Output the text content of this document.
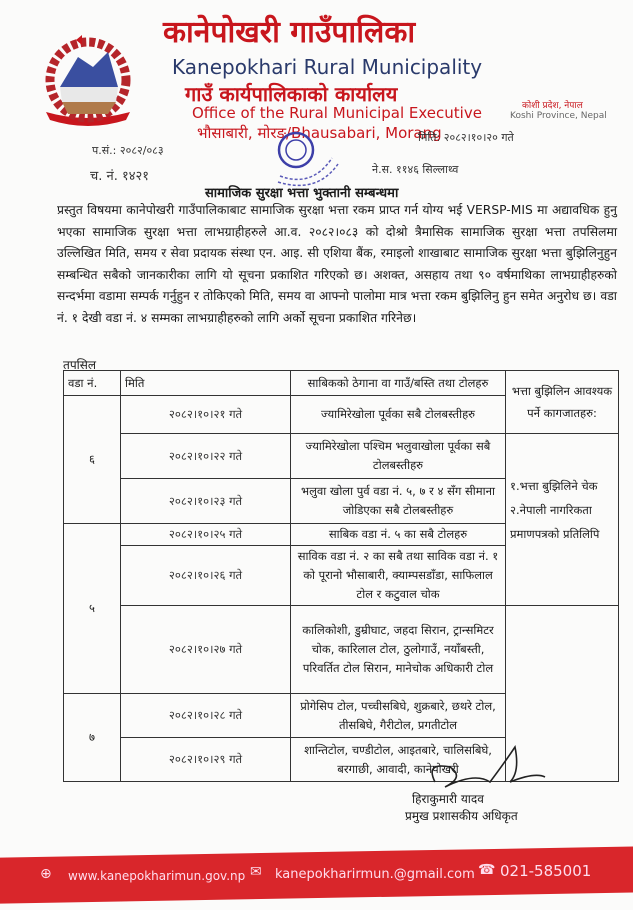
कानेपोखरी गाउँपालिका
Kanepokhari Rural Municipality
गाउँ कार्यपालिकाको कार्यालय
Office of the Rural Municipal Executive
भौसाबारी, मोरङ/Bhausabari, Morang
कोशी प्रदेश, नेपाल
Koshi Province, Nepal
प.सं.: २०८२/०८३
च. नं. १४२१
मिति: २०८२।१०।२० गते
ने.स. ११४६ सिल्लाथ्व
सामाजिक सुरक्षा भत्ता भुक्तानी सम्बन्धमा
प्रस्तुत विषयमा कानेपोखरी गाउँपालिकाबाट सामाजिक सुरक्षा भत्ता रकम प्राप्त गर्न योग्य भई VERSP-MIS मा अद्यावधिक हुनु भएका सामाजिक सुरक्षा भत्ता लाभग्राहीहरुले आ.व. २०८२।०८३ को दोश्रो त्रैमासिक सामाजिक सुरक्षा भत्ता तपसिलमा उल्लिखित मिति, समय र सेवा प्रदायक संस्था एन. आइ. सी एशिया बैंक, रमाइलो शाखाबाट सामाजिक सुरक्षा भत्ता बुझिलिनुहुन सम्बन्धित सबैको जानकारीका लागि यो सूचना प्रकाशित गरिएको छ। अशक्त, असहाय तथा ९० वर्षमाथिका लाभग्राहीहरुको सन्दर्भमा वडामा सम्पर्क गर्नुहुन र तोकिएको मिति, समय वा आफ्नो पालोमा मात्र भत्ता रकम बुझिलिनु हुन समेत अनुरोध छ। वडा नं. १ देखी वडा नं. ४ सम्मका लाभग्राहीहरुको लागि अर्को सूचना प्रकाशित गरिनेछ।
तपसिल
वडा नं.	मिति	साबिकको ठेगाना वा गाउँ/बस्ति तथा टोलहरु	भत्ता बुझिलिन आवश्यक पर्ने कागजातहरु:
६	२०८२।१०।२१ गते	ज्यामिरेखोला पूर्वका सबै टोलबस्तीहरु	
	२०८२।१०।२२ गते	ज्यामिरेखोला पश्चिम भलुवाखोला पूर्वका सबै टोलबस्तीहरु	१.भत्ता बुझिलिने चेक
२.नेपाली नागरिकता प्रमाणपत्रको प्रतिलिपि

	२०८२।१०।२३ गते	भलुवा खोला पुर्व वडा नं. ५, ७ र ४ सँग सीमाना जोडिएका सबै टोलबस्तीहरु	
५	२०८२।१०।२५ गते	साबिक वडा नं. ५ का सबै टोलहरु	
	२०८२।१०।२६ गते	साविक वडा नं. २ का सबै तथा साविक वडा नं. १ को पूरानो भौसाबारी, क्याम्पसडाँडा, साफिलाल टोल र कटुवाल चोक	
	२०८२।१०।२७ गते	कालिकोशी, डुम्रीघाट, जहदा सिरान, ट्रान्समिटर चोक, कारिलाल टोल, ठुलोगाउँ, नयाँबस्ती, परिवर्तित टोल सिरान, मानेचोक अधिकारी टोल	
७	२०८२।१०।२८ गते	प्रोगेसिप टोल, पच्चीसबिघे, शुक्रबारे, छथरे टोल, तीसबिघे, गैरीटोल, प्रगतीटोल	
	२०८२।१०।२९ गते	शान्तिटोल, चण्डीटोल, आइतबारे, चालिसबिघे, बरगाछी, आवादी, कानेपोखरी	
हिराकुमारी यादव
प्रमुख प्रशासकीय अधिकृत
⊕ www.kanepokharimun.gov.np ✉ kanepokharirmun.@gmail.com ☎ 021-585001
